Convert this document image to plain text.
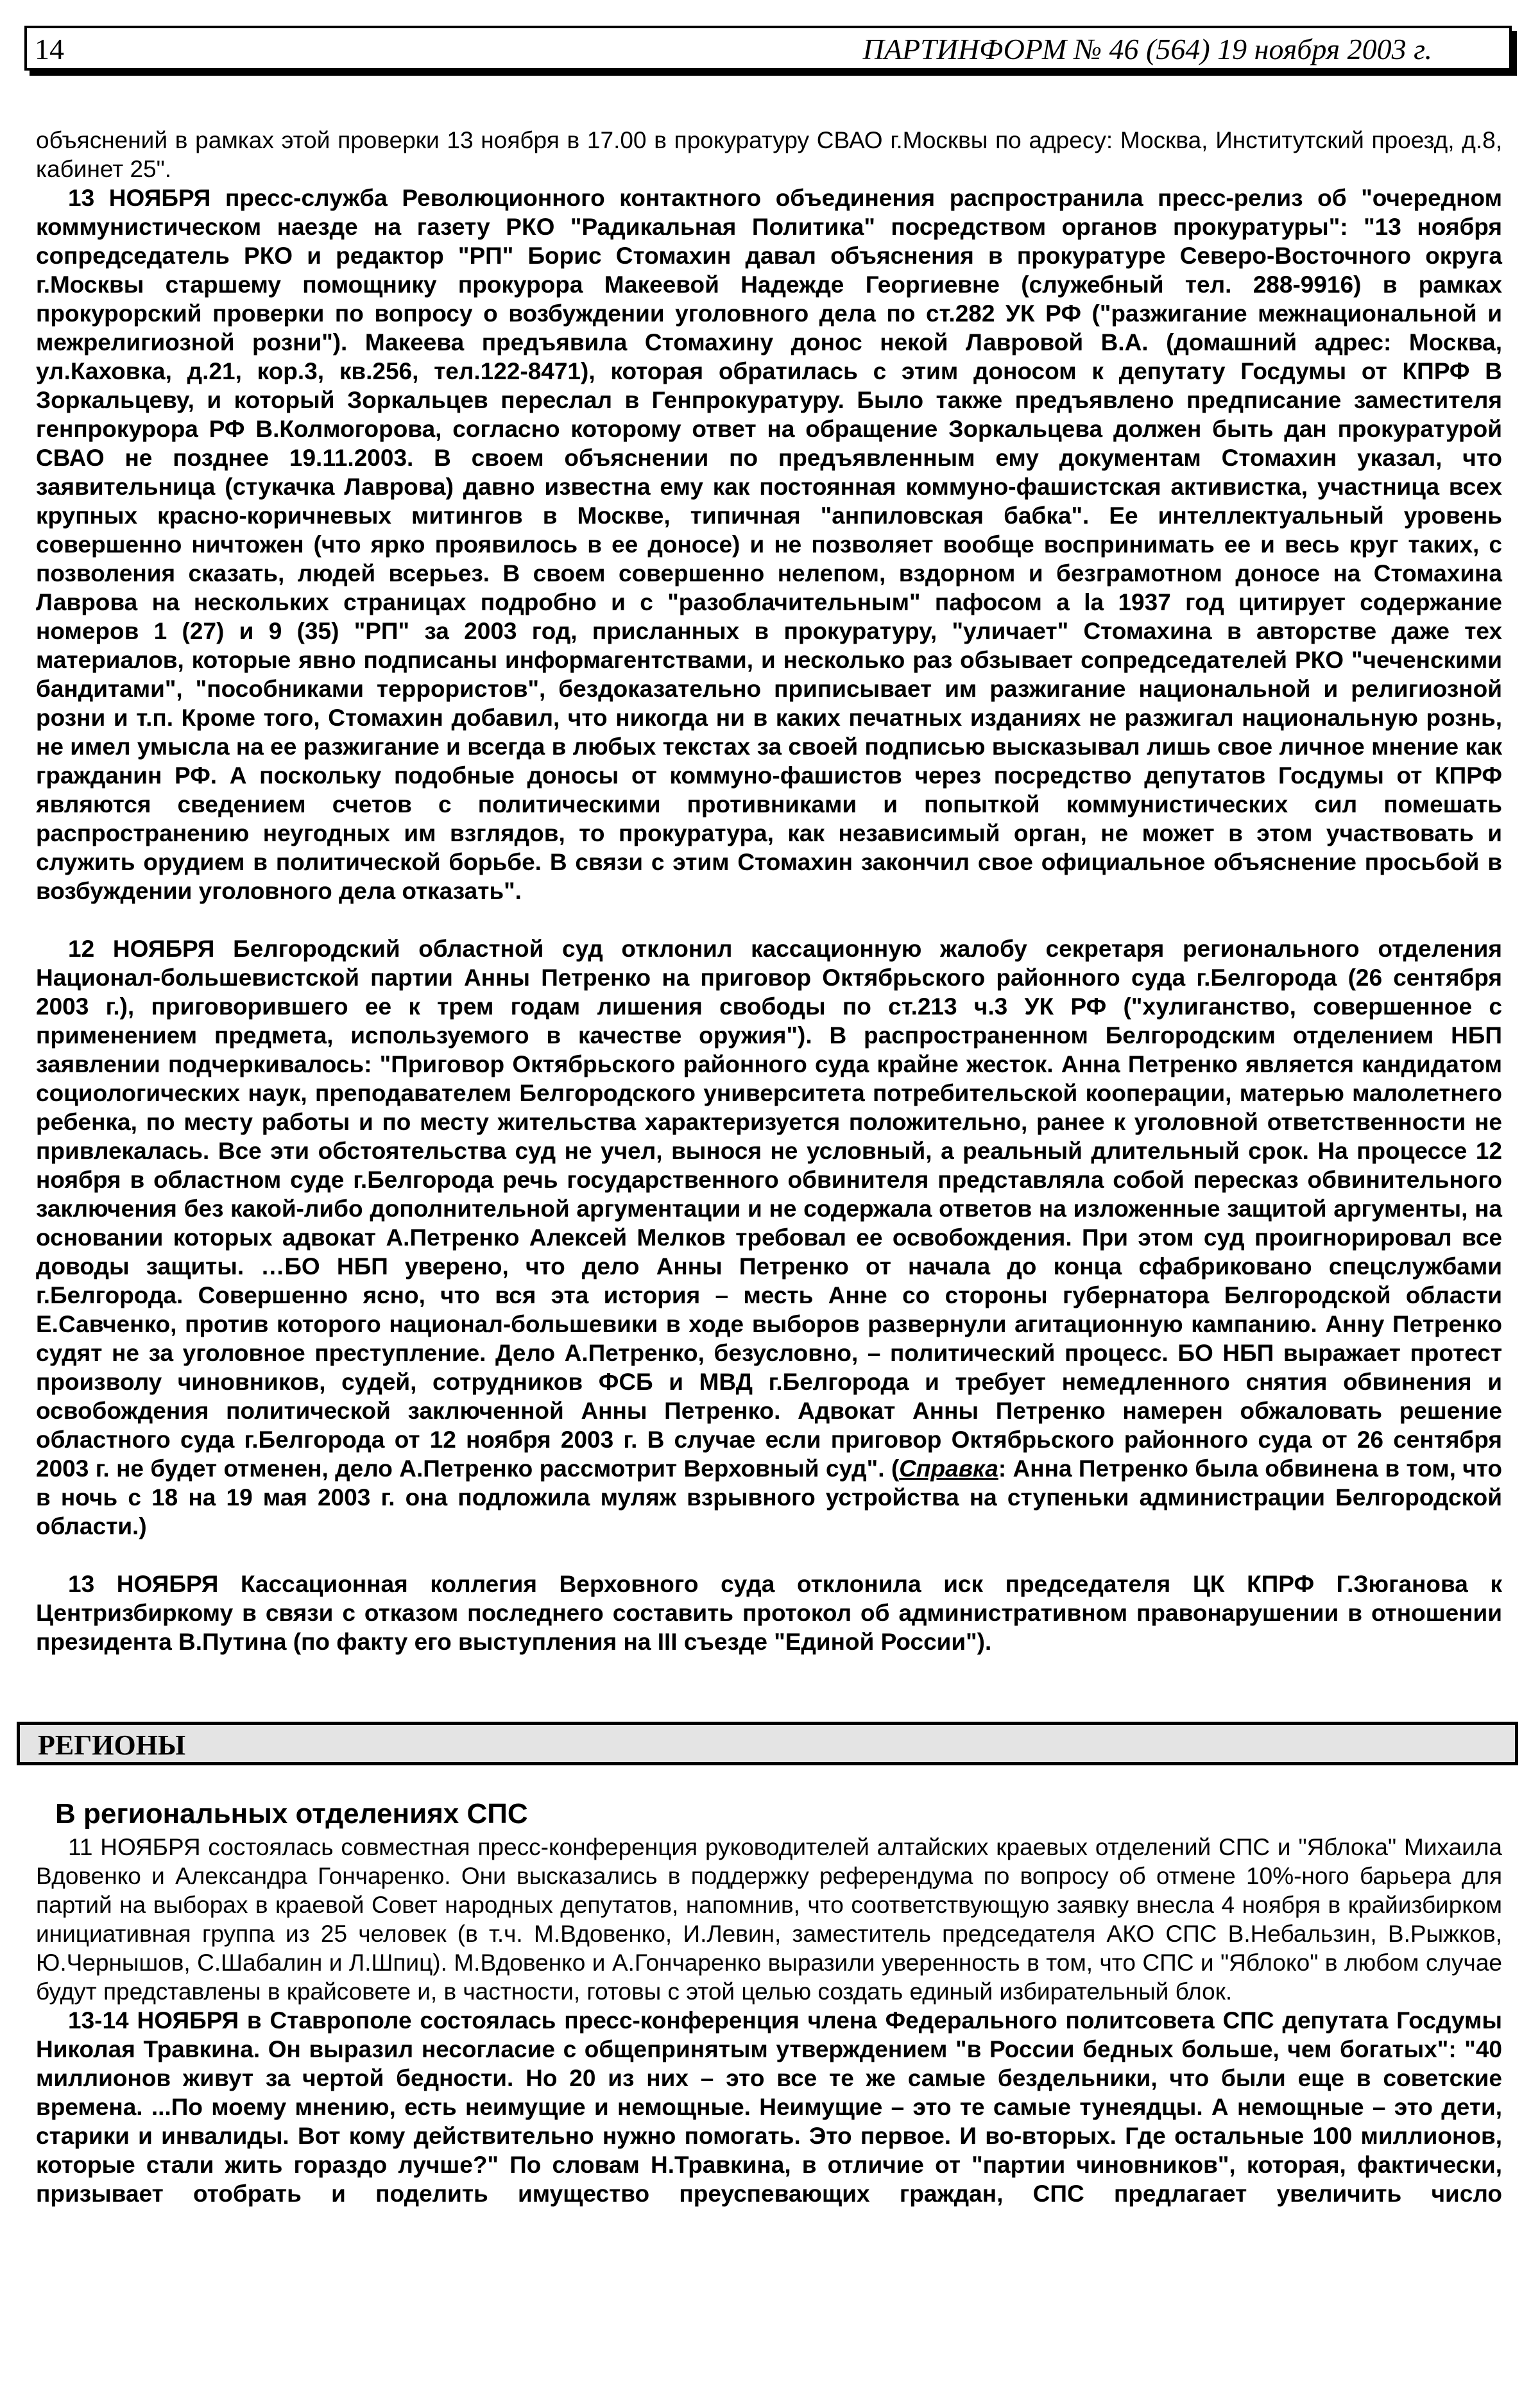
14	ПАРТИНФОРМ № 46 (564) 19 ноября 2003 г.

объяснений в рамках этой проверки 13 ноября в 17.00 в прокуратуру СВАО г.Москвы по адресу: Москва, Институтский проезд, д.8, кабинет 25".

13 НОЯБРЯ пресс-служба Революционного контактного объединения распространила пресс-релиз об "очередном коммунистическом наезде на газету РКО "Радикальная Политика" посредством органов прокуратуры": "13 ноября сопредседатель РКО и редактор "РП" Борис Стомахин давал объяснения в прокуратуре Северо-Восточного округа г.Москвы старшему помощнику прокурора Макеевой Надежде Георгиевне (служебный тел. 288-9916) в рамках прокурорский проверки по вопросу о возбуждении уголовного дела по ст.282 УК РФ ("разжигание межнациональной и межрелигиозной розни"). Макеева предъявила Стомахину донос некой Лавровой В.А. (домашний адрес: Москва, ул.Каховка, д.21, кор.3, кв.256, тел.122-8471), которая обратилась с этим доносом к депутату Госдумы от КПРФ В Зоркальцеву, и который Зоркальцев переслал в Генпрокуратуру. Было также предъявлено предписание заместителя генпрокурора РФ В.Колмогорова, согласно которому ответ на обращение Зоркальцева должен быть дан прокуратурой СВАО не позднее 19.11.2003. В своем объяснении по предъявленным ему документам Стомахин указал, что заявительница (стукачка Лаврова) давно известна ему как постоянная коммуно-фашистская активистка, участница всех крупных красно-коричневых митингов в Москве, типичная "анпиловская бабка". Ее интеллектуальный уровень совершенно ничтожен (что ярко проявилось в ее доносе) и не позволяет вообще воспринимать ее и весь круг таких, с позволения сказать, людей всерьез. В своем совершенно нелепом, вздорном и безграмотном доносе на Стомахина Лаврова на нескольких страницах подробно и с "разоблачительным" пафосом а la 1937 год цитирует содержание номеров 1 (27) и 9 (35) "РП" за 2003 год, присланных в прокуратуру, "уличает" Стомахина в авторстве даже тех материалов, которые явно подписаны информагентствами, и несколько раз обзывает сопредседателей РКО "чеченскими бандитами", "пособниками террористов", бездоказательно приписывает им разжигание национальной и религиозной розни и т.п. Кроме того, Стомахин добавил, что никогда ни в каких печатных изданиях не разжигал национальную рознь, не имел умысла на ее разжигание и всегда в любых текстах за своей подписью высказывал лишь свое личное мнение как гражданин РФ. А поскольку подобные доносы от коммуно-фашистов через посредство депутатов Госдумы от КПРФ являются сведением счетов с политическими противниками и попыткой коммунистических сил помешать распространению неугодных им взглядов, то прокуратура, как независимый орган, не может в этом участвовать и служить орудием в политической борьбе. В связи с этим Стомахин закончил свое официальное объяснение просьбой в возбуждении уголовного дела отказать".

12 НОЯБРЯ Белгородский областной суд отклонил кассационную жалобу секретаря регионального отделения Национал-большевистской партии Анны Петренко на приговор Октябрьского районного суда г.Белгорода (26 сентября 2003 г.), приговорившего ее к трем годам лишения свободы по ст.213 ч.3 УК РФ ("хулиганство, совершенное с применением предмета, используемого в качестве оружия"). В распространенном Белгородским отделением НБП заявлении подчеркивалось: "Приговор Октябрьского районного суда крайне жесток. Анна Петренко является кандидатом социологических наук, преподавателем Белгородского университета потребительской кооперации, матерью малолетнего ребенка, по месту работы и по месту жительства характеризуется положительно, ранее к уголовной ответственности не привлекалась. Все эти обстоятельства суд не учел, вынося не условный, а реальный длительный срок. На процессе 12 ноября в областном суде г.Белгорода речь государственного обвинителя представляла собой пересказ обвинительного заключения без какой-либо дополнительной аргументации и не содержала ответов на изложенные защитой аргументы, на основании которых адвокат А.Петренко Алексей Мелков требовал ее освобождения. При этом суд проигнорировал все доводы защиты. …БО НБП уверено, что дело Анны Петренко от начала до конца сфабриковано спецслужбами г.Белгорода. Совершенно ясно, что вся эта история – месть Анне со стороны губернатора Белгородской области Е.Савченко, против которого национал-большевики в ходе выборов развернули агитационную кампанию. Анну Петренко судят не за уголовное преступление. Дело А.Петренко, безусловно, – политический процесс. БО НБП выражает протест произволу чиновников, судей, сотрудников ФСБ и МВД г.Белгорода и требует немедленного снятия обвинения и освобождения политической заключенной Анны Петренко. Адвокат Анны Петренко намерен обжаловать решение областного суда г.Белгорода от 12 ноября 2003 г. В случае если приговор Октябрьского районного суда от 26 сентября 2003 г. не будет отменен, дело А.Петренко рассмотрит Верховный суд". (Справка: Анна Петренко была обвинена в том, что в ночь с 18 на 19 мая 2003 г. она подложила муляж взрывного устройства на ступеньки администрации Белгородской области.)

13 НОЯБРЯ Кассационная коллегия Верховного суда отклонила иск председателя ЦК КПРФ Г.Зюганова к Центризбиркому в связи с отказом последнего составить протокол об административном правонарушении в отношении президента В.Путина (по факту его выступления на III съезде "Единой России").

РЕГИОНЫ
В региональных отделениях СПС

11 НОЯБРЯ состоялась совместная пресс-конференция руководителей алтайских краевых отделений СПС и "Яблока" Михаила Вдовенко и Александра Гончаренко. Они высказались в поддержку референдума по вопросу об отмене 10%-ного барьера для партий на выборах в краевой Совет народных депутатов, напомнив, что соответствующую заявку внесла 4 ноября в крайизбирком инициативная группа из 25 человек (в т.ч. М.Вдовенко, И.Левин, заместитель председателя АКО СПС В.Небальзин, В.Рыжков, Ю.Чернышов, С.Шабалин и Л.Шпиц). М.Вдовенко и А.Гончаренко выразили уверенность в том, что СПС и "Яблоко" в любом случае будут представлены в крайсовете и, в частности, готовы с этой целью создать единый избирательный блок.

13-14 НОЯБРЯ в Ставрополе состоялась пресс-конференция члена Федерального политсовета СПС депутата Госдумы Николая Травкина. Он выразил несогласие с общепринятым утверждением "в России бедных больше, чем богатых": "40 миллионов живут за чертой бедности. Но 20 из них – это все те же самые бездельники, что были еще в советские времена. ...По моему мнению, есть неимущие и немощные. Неимущие – это те самые тунеядцы. А немощные – это дети, старики и инвалиды. Вот кому действительно нужно помогать. Это первое. И во-вторых. Где остальные 100 миллионов, которые стали жить гораздо лучше?" По словам Н.Травкина, в отличие от "партии чиновников", которая, фактически, призывает отобрать и поделить имущество преуспевающих граждан, СПС предлагает увеличить число
